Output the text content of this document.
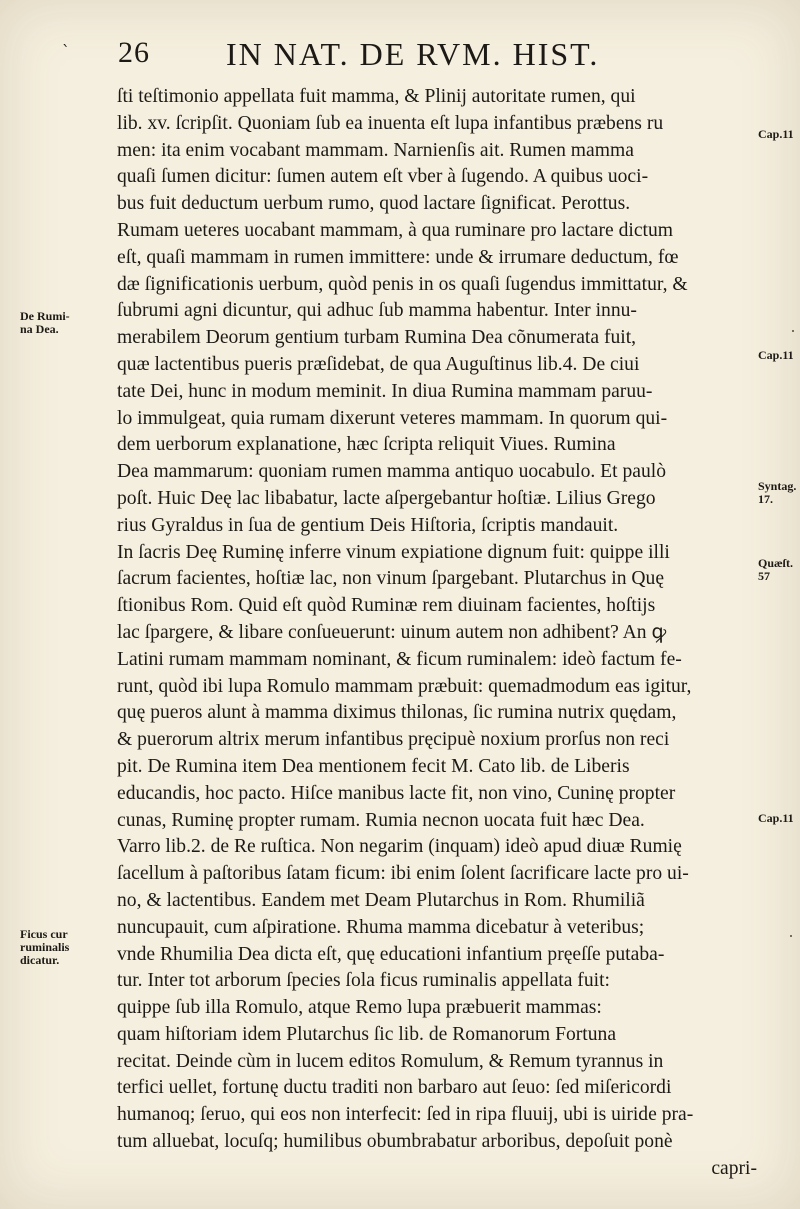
` 26 IN NAT. DE RVM. HIST.
ſti teſtimonio appellata fuit mamma, & Plinij autoritate rumen, qui
lib. xv. ſcripſit. Quoniam ſub ea inuenta eſt lupa infantibus præbens ru
men: ita enim vocabant mammam. Narnienſis ait. Rumen mamma
quaſi ſumen dicitur: ſumen autem eſt vber à ſugendo. A quibus uoci-
bus fuit deductum uerbum rumo, quod lactare ſignificat. Perottus.
Rumam ueteres uocabant mammam, à qua ruminare pro lactare dictum
eſt, quaſi mammam in rumen immittere: unde & irrumare deductum, fœ
dæ ſignificationis uerbum, quòd penis in os quaſi ſugendus immittatur, &
ſubrumi agni dicuntur, qui adhuc ſub mamma habentur. Inter innu-
merabilem Deorum gentium turbam Rumina Dea cõnumerata fuit,
quæ lactentibus pueris præſidebat, de qua Auguſtinus lib.4. De ciui
tate Dei, hunc in modum meminit. In diua Rumina mammam paruu-
lo immulgeat, quia rumam dixerunt veteres mammam. In quorum qui-
dem uerborum explanatione, hæc ſcripta reliquit Viues. Rumina
Dea mammarum: quoniam rumen mamma antiquo uocabulo. Et paulò
poſt. Huic Deę lac libabatur, lacte aſpergebantur hoſtiæ. Lilius Grego
rius Gyraldus in ſua de gentium Deis Hiſtoria, ſcriptis mandauit.
In ſacris Deę Ruminę inferre vinum expiatione dignum fuit: quippe illi
ſacrum facientes, hoſtiæ lac, non vinum ſpargebant. Plutarchus in Quę
ſtionibus Rom. Quid eſt quòd Ruminæ rem diuinam facientes, hoſtijs
lac ſpargere, & libare conſueuerunt: uinum autem non adhibent? An ꝙ
Latini rumam mammam nominant, & ficum ruminalem: ideò factum fe-
runt, quòd ibi lupa Romulo mammam præbuit: quemadmodum eas igitur,
quę pueros alunt à mamma diximus thilonas, ſic rumina nutrix quędam,
& puerorum altrix merum infantibus pręcipuè noxium prorſus non reci
pit. De Rumina item Dea mentionem fecit M. Cato lib. de Liberis
educandis, hoc pacto. Hiſce manibus lacte fit, non vino, Cuninę propter
cunas, Ruminę propter rumam. Rumia necnon uocata fuit hæc Dea.
Varro lib.2. de Re ruſtica. Non negarim (inquam) ideò apud diuæ Rumię
ſacellum à paſtoribus ſatam ficum: ibi enim ſolent ſacrificare lacte pro ui-
no, & lactentibus. Eandem met Deam Plutarchus in Rom. Rhumiliã
nuncupauit, cum aſpiratione. Rhuma mamma dicebatur à veteribus;
vnde Rhumilia Dea dicta eſt, quę educationi infantium pręeſſe putaba-
tur. Inter tot arborum ſpecies ſola ficus ruminalis appellata fuit:
quippe ſub illa Romulo, atque Remo lupa præbuerit mammas:
quam hiſtoriam idem Plutarchus ſic lib. de Romanorum Fortuna
recitat. Deinde cùm in lucem editos Romulum, & Remum tyrannus in
terfici uellet, fortunę ductu traditi non barbaro aut ſeuo: ſed miſericordi
humanoq; ſeruo, qui eos non interfecit: ſed in ripa fluuij, ubi is uiride pra-
tum alluebat, locuſq; humilibus obumbrabatur arboribus, depoſuit ponè
capri-
De Rumi-
na Dea.
Ficus cur
ruminalis
dicatur.
Cap.11
Cap.11
Syntag.
17.
Quæſt.
57
Cap.11
